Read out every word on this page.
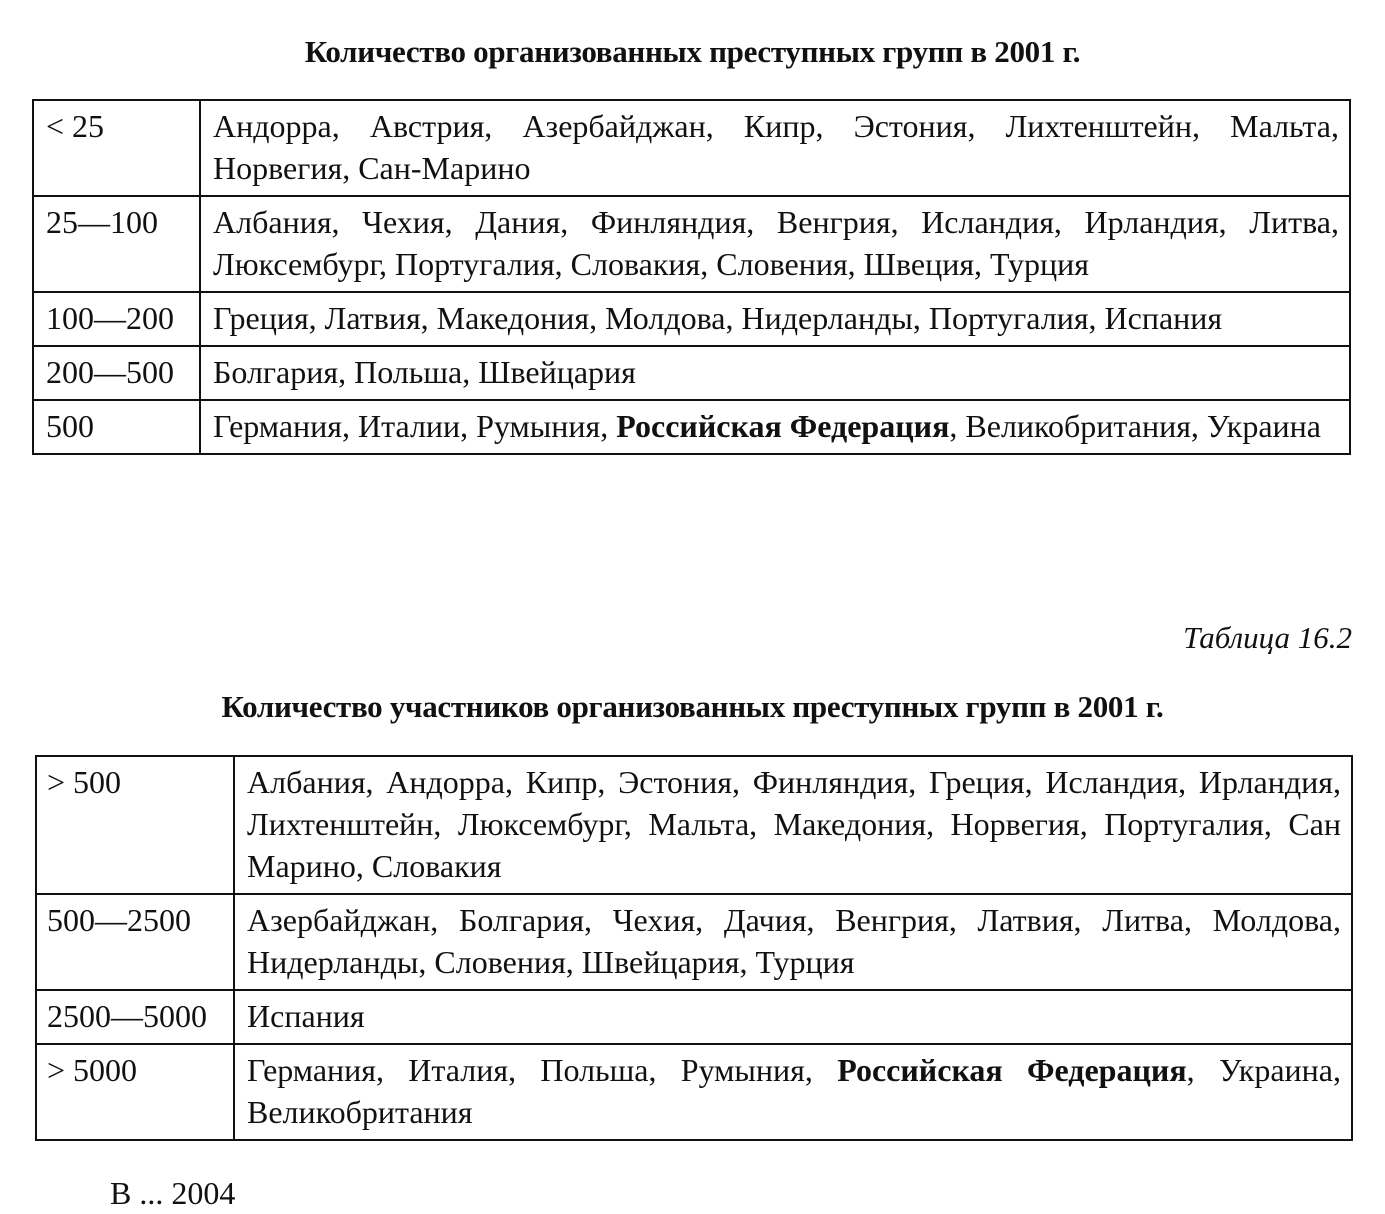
Количество организованных преступных групп в 2001 г.
< 25	Андорра, Австрия, Азербайджан, Кипр, Эстония, Лихтенштейн, Мальта, Норвегия, Сан-Марино
25—100	Албания, Чехия, Дания, Финляндия, Венгрия, Исландия, Ирландия, Литва, Люксембург, Португалия, Словакия, Словения, Швеция, Турция
100—200	Греция, Латвия, Македония, Молдова, Нидерланды, Португалия, Испания
200—500	Болгария, Польша, Швейцария
500	Германия, Италии, Румыния, Российская Федерация, Великобритания, Украина
Таблица 16.2
Количество участников организованных преступных групп в 2001 г.
> 500	Албания, Андорра, Кипр, Эстония, Финляндия, Греция, Исландия, Ирландия, Лихтенштейн, Люксембург, Мальта, Македония, Норвегия, Португалия, Сан Марино, Словакия
500—2500	Азербайджан, Болгария, Чехия, Дачия, Венгрия, Латвия, Литва, Молдова, Нидерланды, Словения, Швейцария, Турция
2500—5000	Испания
> 5000	Германия, Италия, Польша, Румыния, Российская Федерация, Украина, Великобритания
В ... 2004
